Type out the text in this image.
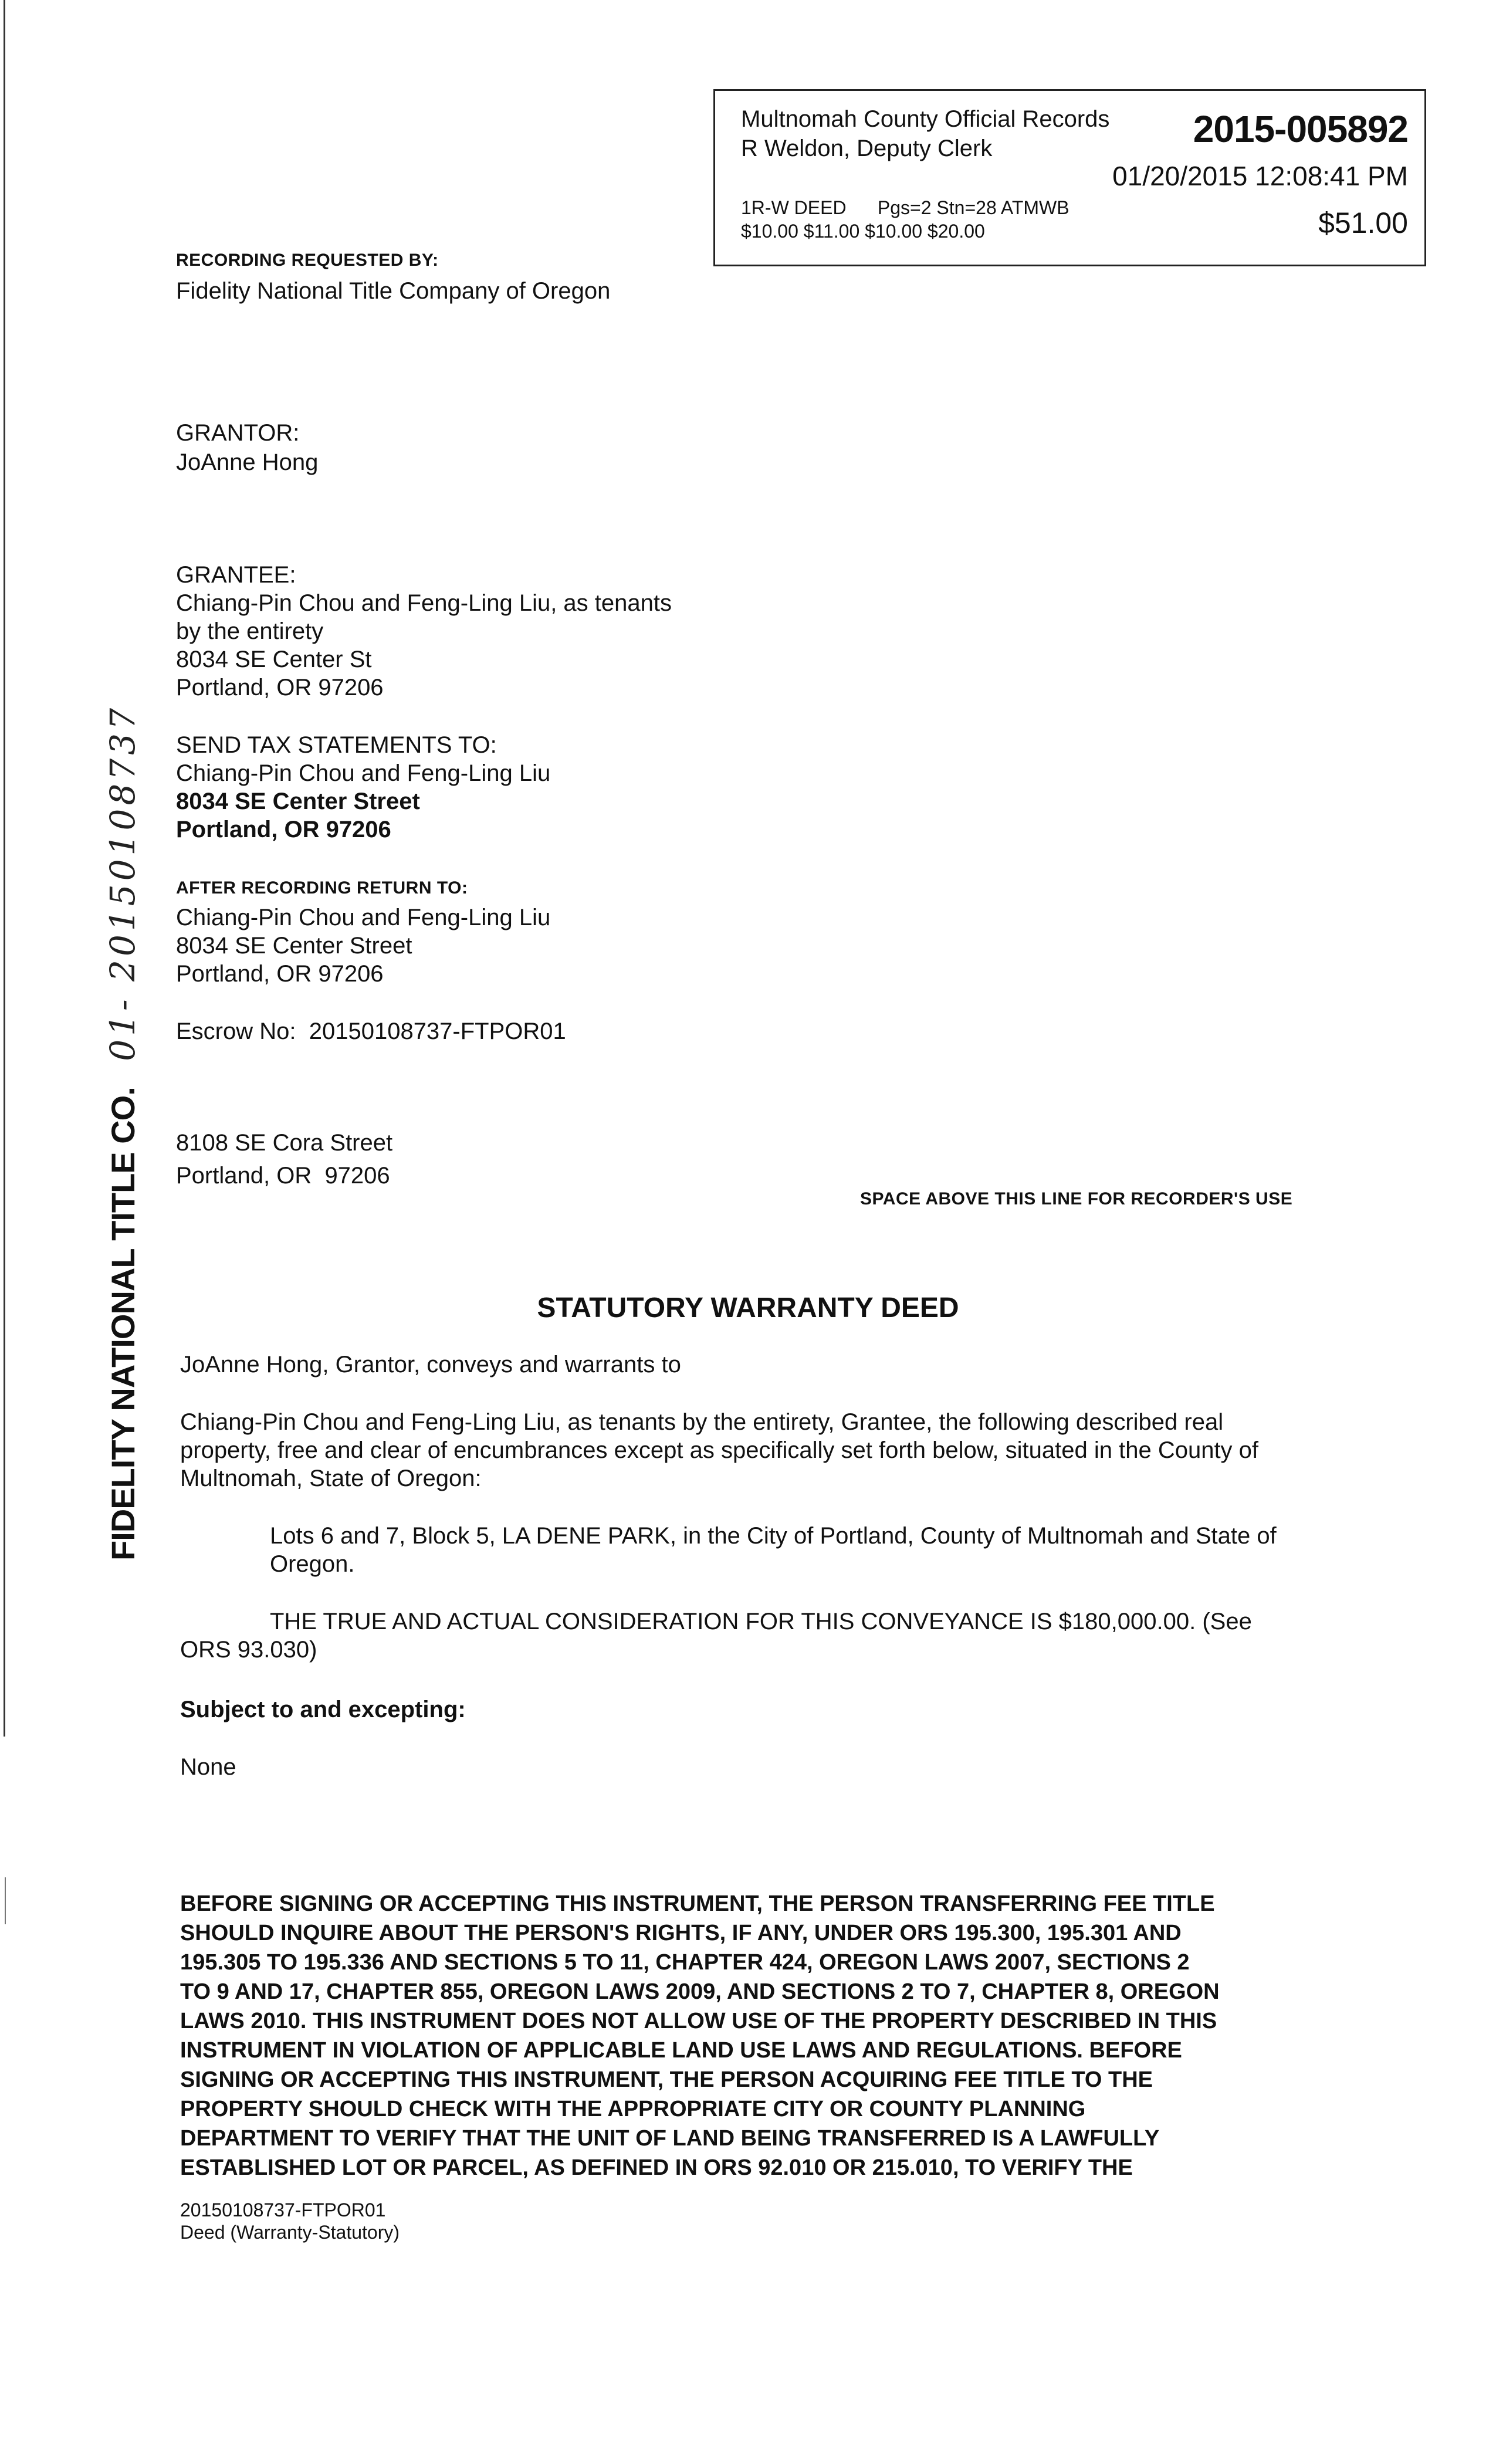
Multnomah County Official Records
R Weldon, Deputy Clerk	2015-005892
01/20/2015 12:08:41 PM
1R-W DEED      Pgs=2 Stn=28 ATMWB
$10.00 $11.00 $10.00 $20.00	$51.00
RECORDING REQUESTED BY:
Fidelity National Title Company of Oregon
GRANTOR:
JoAnne Hong
GRANTEE:
Chiang-Pin Chou and Feng-Ling Liu, as tenants
by the entirety
8034 SE Center St
Portland, OR 97206
SEND TAX STATEMENTS TO:
Chiang-Pin Chou and Feng-Ling Liu
8034 SE Center Street
Portland, OR 97206
AFTER RECORDING RETURN TO:
Chiang-Pin Chou and Feng-Ling Liu
8034 SE Center Street
Portland, OR 97206
Escrow No:  20150108737-FTPOR01
8108 SE Cora Street
Portland, OR  97206
SPACE ABOVE THIS LINE FOR RECORDER'S USE
FIDELITY NATIONAL TITLE CO. 01- 20150108737
STATUTORY WARRANTY DEED
JoAnne Hong, Grantor, conveys and warrants to
Chiang-Pin Chou and Feng-Ling Liu, as tenants by the entirety, Grantee, the following described real
property, free and clear of encumbrances except as specifically set forth below, situated in the County of
Multnomah, State of Oregon:
Lots 6 and 7, Block 5, LA DENE PARK, in the City of Portland, County of Multnomah and State of
Oregon.
THE TRUE AND ACTUAL CONSIDERATION FOR THIS CONVEYANCE IS $180,000.00. (See
ORS 93.030)
Subject to and excepting:
None
BEFORE SIGNING OR ACCEPTING THIS INSTRUMENT, THE PERSON TRANSFERRING FEE TITLE
SHOULD INQUIRE ABOUT THE PERSON'S RIGHTS, IF ANY, UNDER ORS 195.300, 195.301 AND
195.305 TO 195.336 AND SECTIONS 5 TO 11, CHAPTER 424, OREGON LAWS 2007, SECTIONS 2
TO 9 AND 17, CHAPTER 855, OREGON LAWS 2009, AND SECTIONS 2 TO 7, CHAPTER 8, OREGON
LAWS 2010. THIS INSTRUMENT DOES NOT ALLOW USE OF THE PROPERTY DESCRIBED IN THIS
INSTRUMENT IN VIOLATION OF APPLICABLE LAND USE LAWS AND REGULATIONS. BEFORE
SIGNING OR ACCEPTING THIS INSTRUMENT, THE PERSON ACQUIRING FEE TITLE TO THE
PROPERTY SHOULD CHECK WITH THE APPROPRIATE CITY OR COUNTY PLANNING
DEPARTMENT TO VERIFY THAT THE UNIT OF LAND BEING TRANSFERRED IS A LAWFULLY
ESTABLISHED LOT OR PARCEL, AS DEFINED IN ORS 92.010 OR 215.010, TO VERIFY THE
20150108737-FTPOR01
Deed (Warranty-Statutory)
